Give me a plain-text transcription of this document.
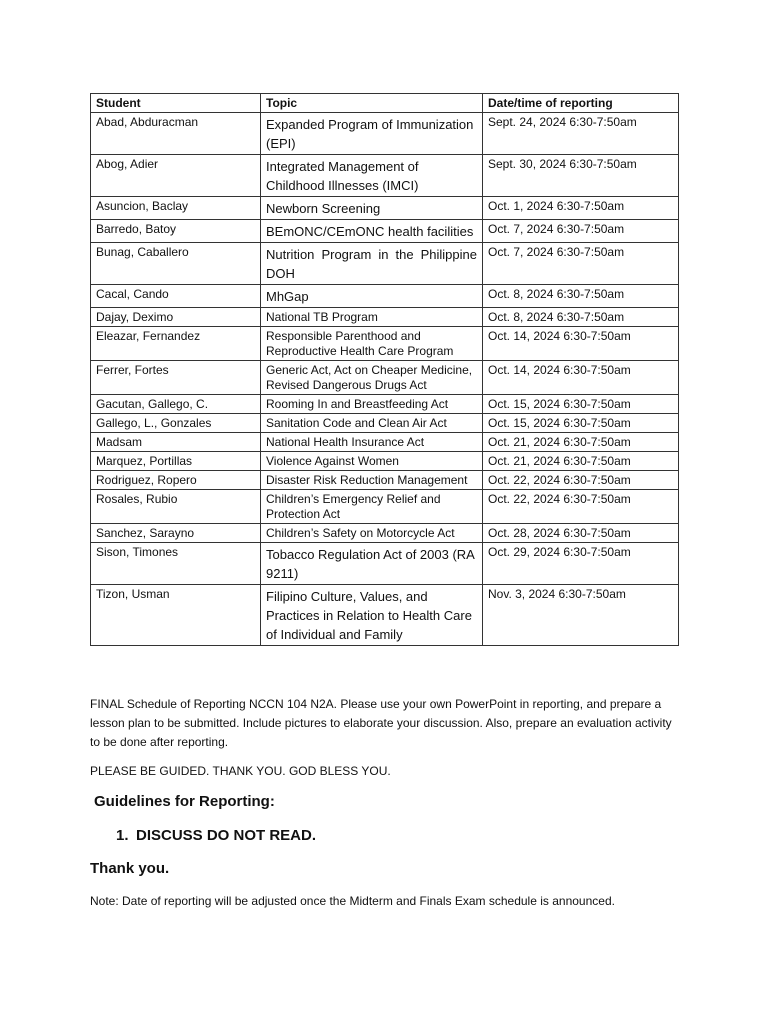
Student	Topic	Date/time of reporting
Abad, Abduracman	Expanded Program of Immunization (EPI)	Sept. 24, 2024 6:30-7:50am
Abog, Adier	Integrated Management of Childhood Illnesses (IMCI)	Sept. 30, 2024 6:30-7:50am
Asuncion, Baclay	Newborn Screening	Oct. 1, 2024 6:30-7:50am
Barredo, Batoy	BEmONC/CEmONC health facilities	Oct. 7, 2024 6:30-7:50am
Bunag, Caballero	Nutrition Program in the Philippine DOH	Oct. 7, 2024 6:30-7:50am
Cacal, Cando	MhGap	Oct. 8, 2024 6:30-7:50am
Dajay, Deximo	National TB Program	Oct. 8, 2024 6:30-7:50am
Eleazar, Fernandez	Responsible Parenthood and Reproductive Health Care Program	Oct. 14, 2024 6:30-7:50am
Ferrer, Fortes	Generic Act, Act on Cheaper Medicine, Revised Dangerous Drugs Act	Oct. 14, 2024 6:30-7:50am
Gacutan, Gallego, C.	Rooming In and Breastfeeding Act	Oct. 15, 2024 6:30-7:50am
Gallego, L., Gonzales	Sanitation Code and Clean Air Act	Oct. 15, 2024 6:30-7:50am
Madsam	National Health Insurance Act	Oct. 21, 2024 6:30-7:50am
Marquez, Portillas	Violence Against Women	Oct. 21, 2024 6:30-7:50am
Rodriguez, Ropero	Disaster Risk Reduction Management	Oct. 22, 2024 6:30-7:50am
Rosales, Rubio	Children’s Emergency Relief and Protection Act	Oct. 22, 2024 6:30-7:50am
Sanchez, Sarayno	Children’s Safety on Motorcycle Act	Oct. 28, 2024 6:30-7:50am
Sison, Timones	Tobacco Regulation Act of 2003 (RA 9211)	Oct. 29, 2024 6:30-7:50am
Tizon, Usman	Filipino Culture, Values, and Practices in Relation to Health Care of Individual and Family	Nov. 3, 2024 6:30-7:50am

FINAL Schedule of Reporting NCCN 104 N2A. Please use your own PowerPoint in reporting, and prepare a lesson plan to be submitted. Include pictures to elaborate your discussion. Also, prepare an evaluation activity to be done after reporting.

PLEASE BE GUIDED. THANK YOU. GOD BLESS YOU.

Guidelines for Reporting:

1. DISCUSS DO NOT READ.

Thank you.

Note: Date of reporting will be adjusted once the Midterm and Finals Exam schedule is announced.
